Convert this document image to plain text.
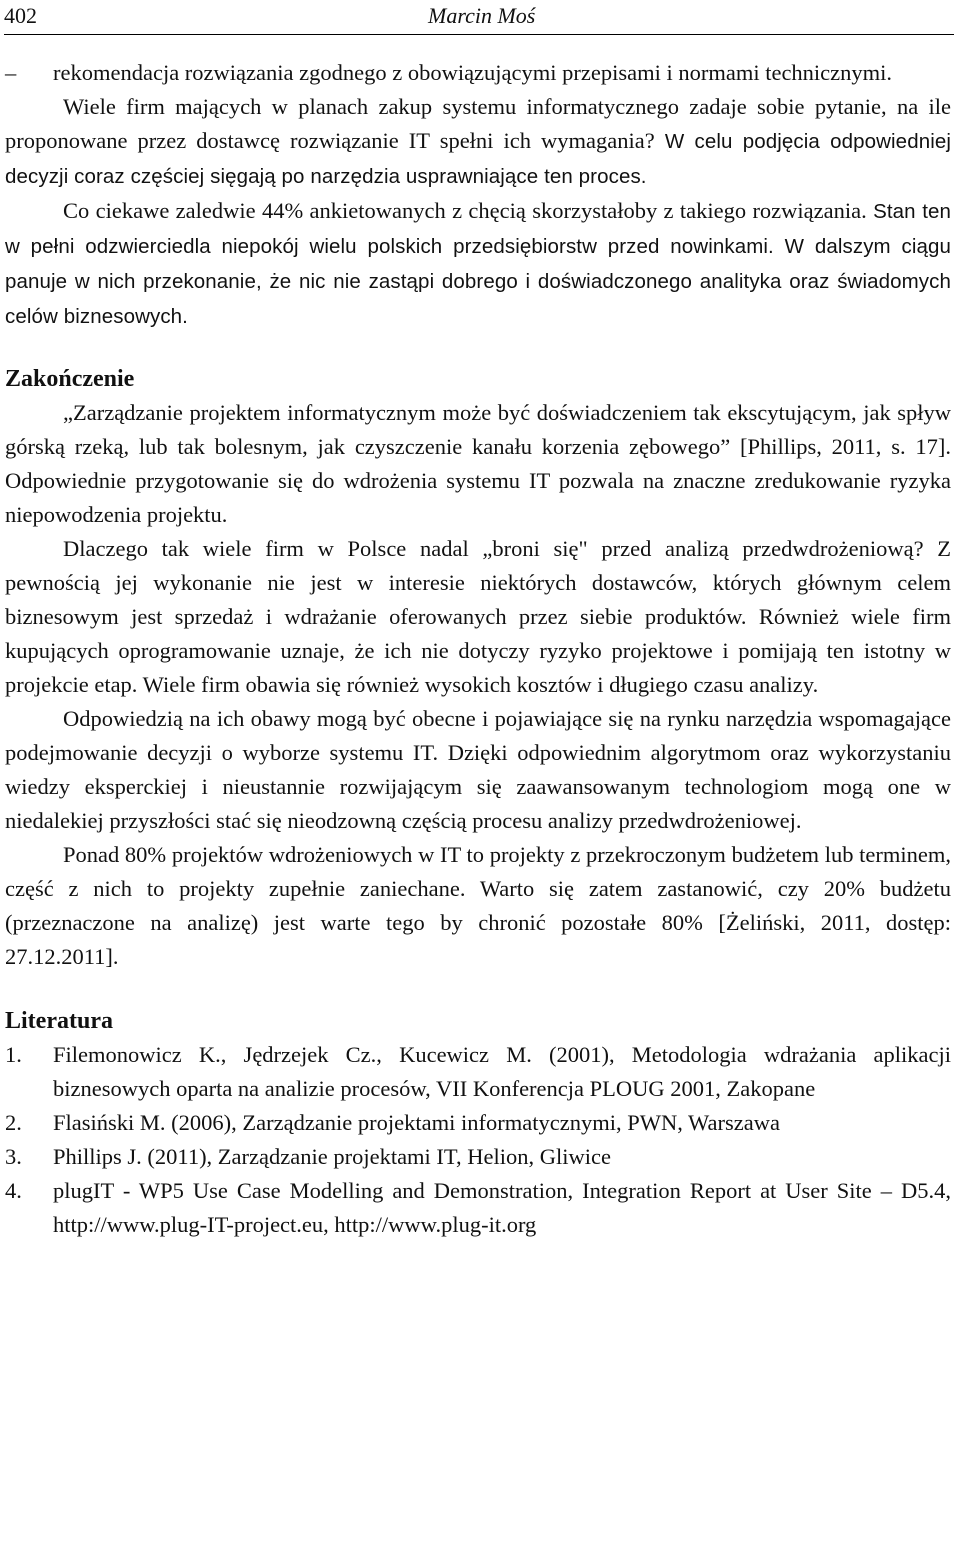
402	Marcin Moś

– rekomendacja rozwiązania zgodnego z obowiązującymi przepisami i normami technicznymi.

Wiele firm mających w planach zakup systemu informatycznego zadaje sobie pytanie, na ile proponowane przez dostawcę rozwiązanie IT spełni ich wymagania? W celu podjęcia odpowiedniej decyzji coraz częściej sięgają po narzędzia usprawniające ten proces.

Co ciekawe zaledwie 44% ankietowanych z chęcią skorzystałoby z takiego rozwiązania. Stan ten w pełni odzwierciedla niepokój wielu polskich przedsiębiorstw przed nowinkami. W dalszym ciągu panuje w nich przekonanie, że nic nie zastąpi dobrego i doświadczonego analityka oraz świadomych celów biznesowych.

Zakończenie

„Zarządzanie projektem informatycznym może być doświadczeniem tak ekscytującym, jak spływ górską rzeką, lub tak bolesnym, jak czyszczenie kanału korzenia zębowego” [Phillips, 2011, s. 17]. Odpowiednie przygotowanie się do wdrożenia systemu IT pozwala na znaczne zredukowanie ryzyka niepowodzenia projektu.

Dlaczego tak wiele firm w Polsce nadal „broni się" przed analizą przedwdrożeniową? Z pewnością jej wykonanie nie jest w interesie niektórych dostawców, których głównym celem biznesowym jest sprzedaż i wdrażanie oferowanych przez siebie produktów. Również wiele firm kupujących oprogramowanie uznaje, że ich nie dotyczy ryzyko projektowe i pomijają ten istotny w projekcie etap. Wiele firm obawia się również wysokich kosztów i długiego czasu analizy.

Odpowiedzią na ich obawy mogą być obecne i pojawiające się na rynku narzędzia wspomagające podejmowanie decyzji o wyborze systemu IT. Dzięki odpowiednim algorytmom oraz wykorzystaniu wiedzy eksperckiej i nieustannie rozwijającym się zaawansowanym technologiom mogą one w niedalekiej przyszłości stać się nieodzowną częścią procesu analizy przedwdrożeniowej.

Ponad 80% projektów wdrożeniowych w IT to projekty z przekroczonym budżetem lub terminem, część z nich to projekty zupełnie zaniechane. Warto się zatem zastanowić, czy 20% budżetu (przeznaczone na analizę) jest warte tego by chronić pozostałe 80% [Żeliński, 2011, dostęp: 27.12.2011].

Literatura
1. Filemonowicz K., Jędrzejek Cz., Kucewicz M. (2001), Metodologia wdrażania aplikacji biznesowych oparta na analizie procesów, VII Konferencja PLOUG 2001, Zakopane
2. Flasiński M. (2006), Zarządzanie projektami informatycznymi, PWN, Warszawa
3. Phillips J. (2011), Zarządzanie projektami IT, Helion, Gliwice
4. plugIT - WP5 Use Case Modelling and Demonstration, Integration Report at User Site – D5.4, http://www.plug-IT-project.eu, http://www.plug-it.org
